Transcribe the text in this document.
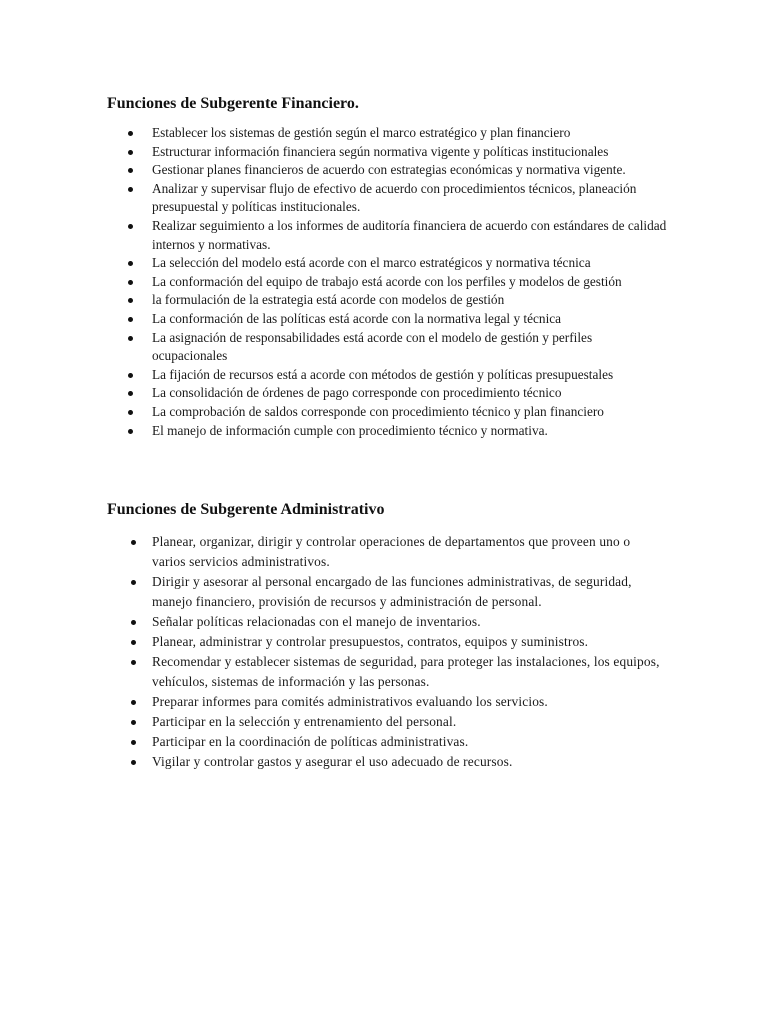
Funciones de Subgerente Financiero.
Establecer los sistemas de gestión según el marco estratégico y plan financiero
Estructurar información financiera según normativa vigente y políticas institucionales
Gestionar planes financieros de acuerdo con estrategias económicas y normativa vigente.
Analizar y supervisar flujo de efectivo de acuerdo con procedimientos técnicos, planeación presupuestal y políticas institucionales.
Realizar seguimiento a los informes de auditoría financiera de acuerdo con estándares de calidad internos y normativas.
La selección del modelo está acorde con el marco estratégicos y normativa técnica
La conformación del equipo de trabajo está acorde con los perfiles y modelos de gestión
la formulación de la estrategia está acorde con modelos de gestión
La conformación de las políticas está acorde con la normativa legal y técnica
La asignación de responsabilidades está acorde con el modelo de gestión y perfiles ocupacionales
La fijación de recursos está a acorde con métodos de gestión y políticas presupuestales
La consolidación de órdenes de pago corresponde con procedimiento técnico
La comprobación de saldos corresponde con procedimiento técnico y plan financiero
El manejo de información cumple con procedimiento técnico y normativa.
Funciones de Subgerente Administrativo
Planear, organizar, dirigir y controlar operaciones de departamentos que proveen uno o varios servicios administrativos.
Dirigir y asesorar al personal encargado de las funciones administrativas, de seguridad, manejo financiero, provisión de recursos y administración de personal.
Señalar políticas relacionadas con el manejo de inventarios.
Planear, administrar y controlar presupuestos, contratos, equipos y suministros.
Recomendar y establecer sistemas de seguridad, para proteger las instalaciones, los equipos, vehículos, sistemas de información y las personas.
Preparar informes para comités administrativos evaluando los servicios.
Participar en la selección y entrenamiento del personal.
Participar en la coordinación de políticas administrativas.
Vigilar y controlar gastos y asegurar el uso adecuado de recursos.
